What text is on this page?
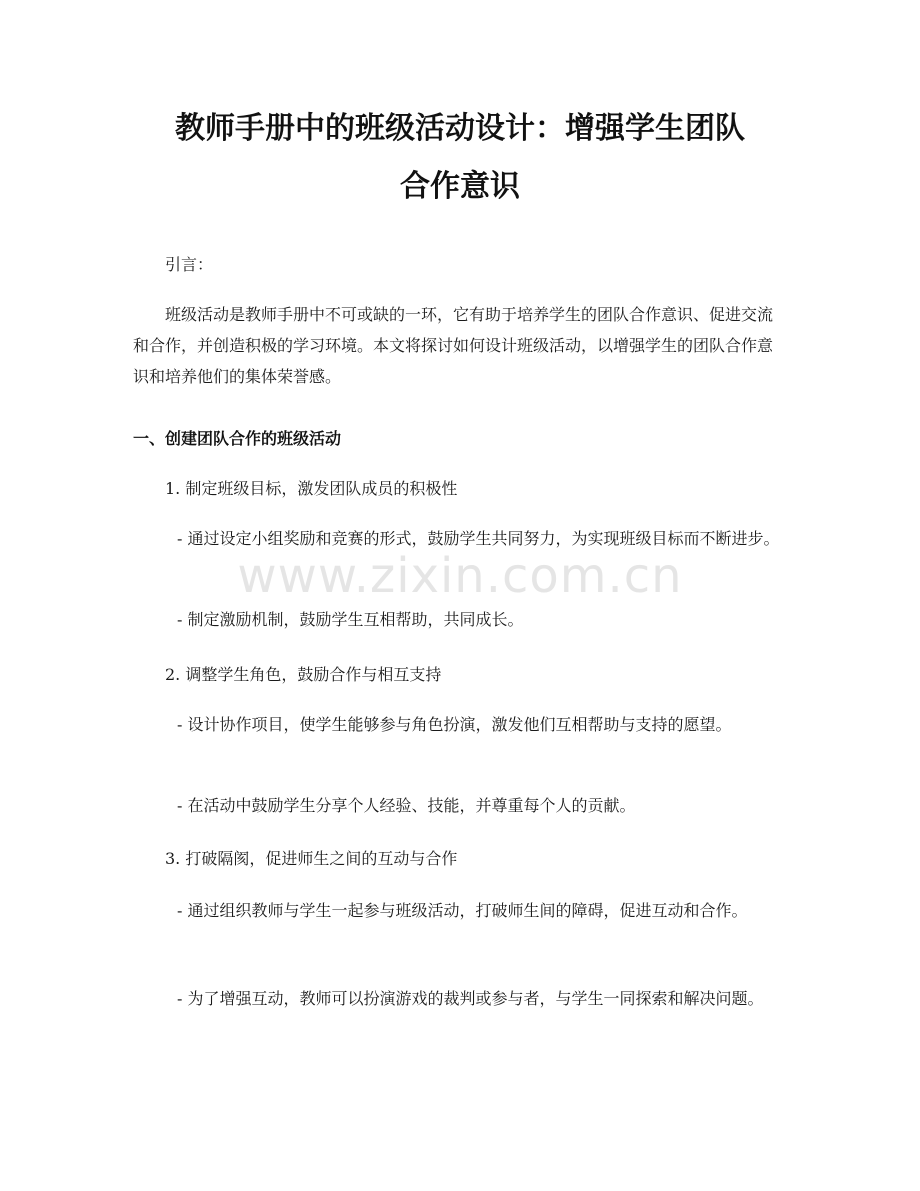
教师手册中的班级活动设计：增强学生团队
合作意识

引言：

班级活动是教师手册中不可或缺的一环，它有助于培养学生的团队合作意识、促进交流和合作，并创造积极的学习环境。本文将探讨如何设计班级活动，以增强学生的团队合作意识和培养他们的集体荣誉感。

一、创建团队合作的班级活动

1. 制定班级目标，激发团队成员的积极性

- 通过设定小组奖励和竞赛的形式，鼓励学生共同努力，为实现班级目标而不断进步。

- 制定激励机制，鼓励学生互相帮助，共同成长。

2. 调整学生角色，鼓励合作与相互支持

- 设计协作项目，使学生能够参与角色扮演，激发他们互相帮助与支持的愿望。

- 在活动中鼓励学生分享个人经验、技能，并尊重每个人的贡献。

3. 打破隔阂，促进师生之间的互动与合作

- 通过组织教师与学生一起参与班级活动，打破师生间的障碍，促进互动和合作。

- 为了增强互动，教师可以扮演游戏的裁判或参与者，与学生一同探索和解决问题。

www.zixin.com.cn
